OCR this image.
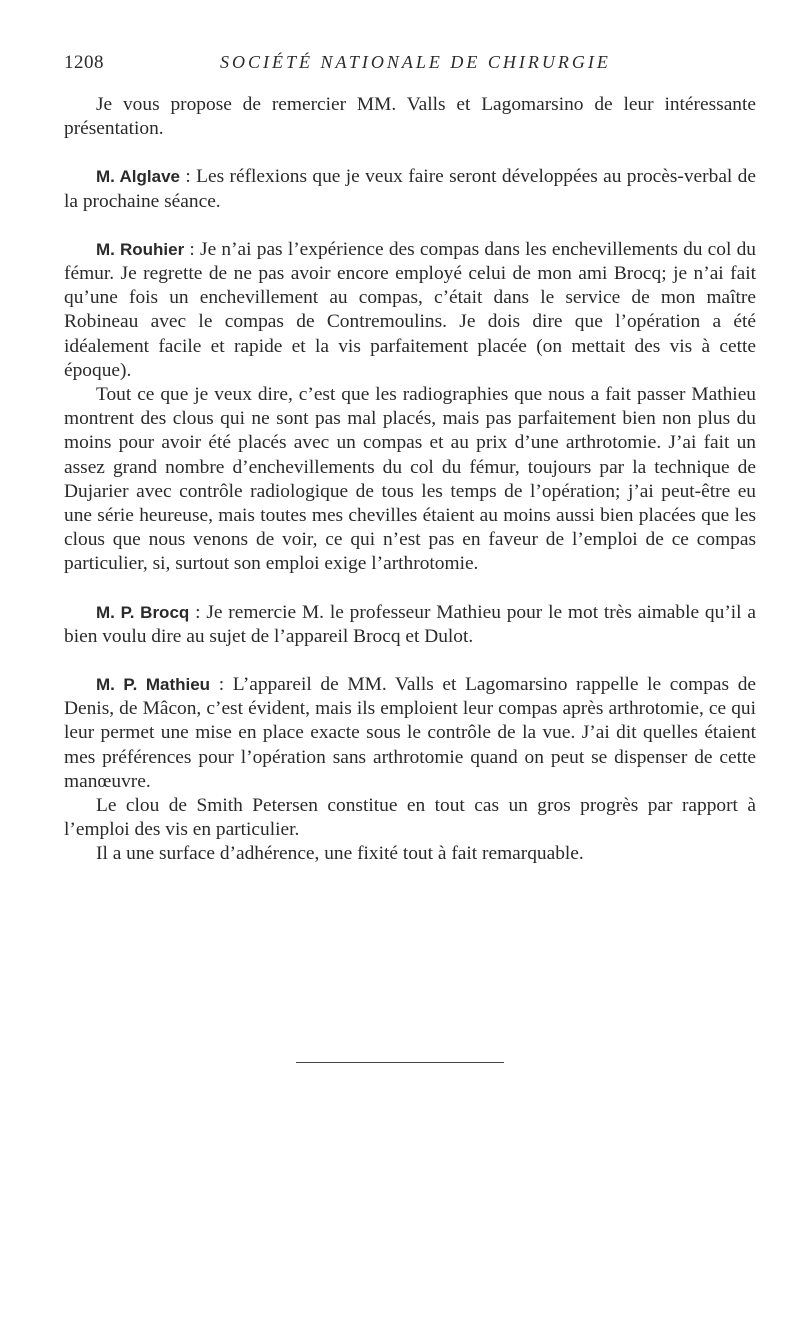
1208	SOCIÉTÉ NATIONALE DE CHIRURGIE

Je vous propose de remercier MM. Valls et Lagomarsino de leur intéressante présentation.

M. Alglave : Les réflexions que je veux faire seront développées au procès-verbal de la prochaine séance.

M. Rouhier : Je n’ai pas l’expérience des compas dans les enchevillements du col du fémur. Je regrette de ne pas avoir encore employé celui de mon ami Brocq; je n’ai fait qu’une fois un enchevillement au compas, c’était dans le service de mon maître Robineau avec le compas de Contremoulins. Je dois dire que l’opération a été idéalement facile et rapide et la vis parfaitement placée (on mettait des vis à cette époque).

Tout ce que je veux dire, c’est que les radiographies que nous a fait passer Mathieu montrent des clous qui ne sont pas mal placés, mais pas parfaitement bien non plus du moins pour avoir été placés avec un compas et au prix d’une arthrotomie. J’ai fait un assez grand nombre d’enchevillements du col du fémur, toujours par la technique de Dujarier avec contrôle radiologique de tous les temps de l’opération; j’ai peut-être eu une série heureuse, mais toutes mes chevilles étaient au moins aussi bien placées que les clous que nous venons de voir, ce qui n’est pas en faveur de l’emploi de ce compas particulier, si, surtout son emploi exige l’arthrotomie.

M. P. Brocq : Je remercie M. le professeur Mathieu pour le mot très aimable qu’il a bien voulu dire au sujet de l’appareil Brocq et Dulot.

M. P. Mathieu : L’appareil de MM. Valls et Lagomarsino rappelle le compas de Denis, de Mâcon, c’est évident, mais ils emploient leur compas après arthrotomie, ce qui leur permet une mise en place exacte sous le contrôle de la vue. J’ai dit quelles étaient mes préférences pour l’opération sans arthrotomie quand on peut se dispenser de cette manœuvre.

Le clou de Smith Petersen constitue en tout cas un gros progrès par rapport à l’emploi des vis en particulier.

Il a une surface d’adhérence, une fixité tout à fait remarquable.
